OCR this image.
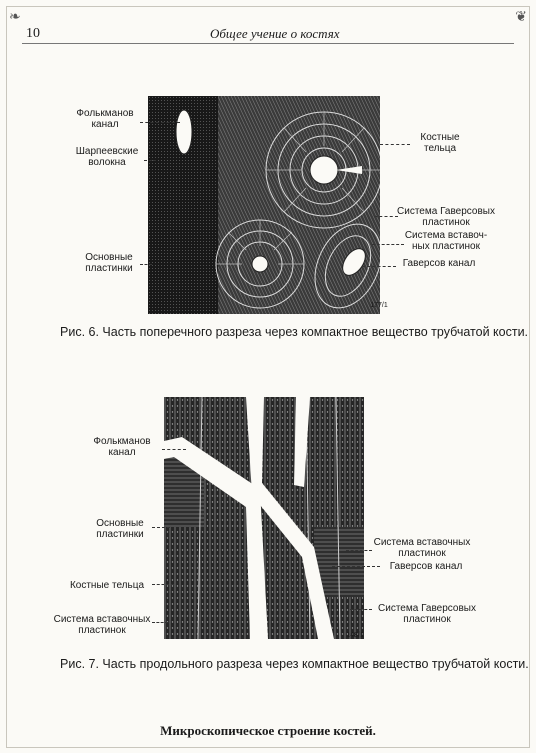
❧	❦
10	Общее учение о костях
Фолькманов канал
Шарпеевские волокна
Основные пластинки
Костные тельца
Система Гаверсовых пластинок
Система вставоч- ных пластинок
Гаверсов канал
177/1
Рис. 6. Часть поперечного разреза через компактное вещество трубчатой кости.
Фолькманов канал
Основные пластинки
Костные тельца
Система вставочных пластинок
Система вставочных пластинок
Гаверсов канал
Система Гаверсовых пластинок
148/1
Рис. 7. Часть продольного разреза через компактное вещество трубчатой кости.
Микроскопическое строение костей.
